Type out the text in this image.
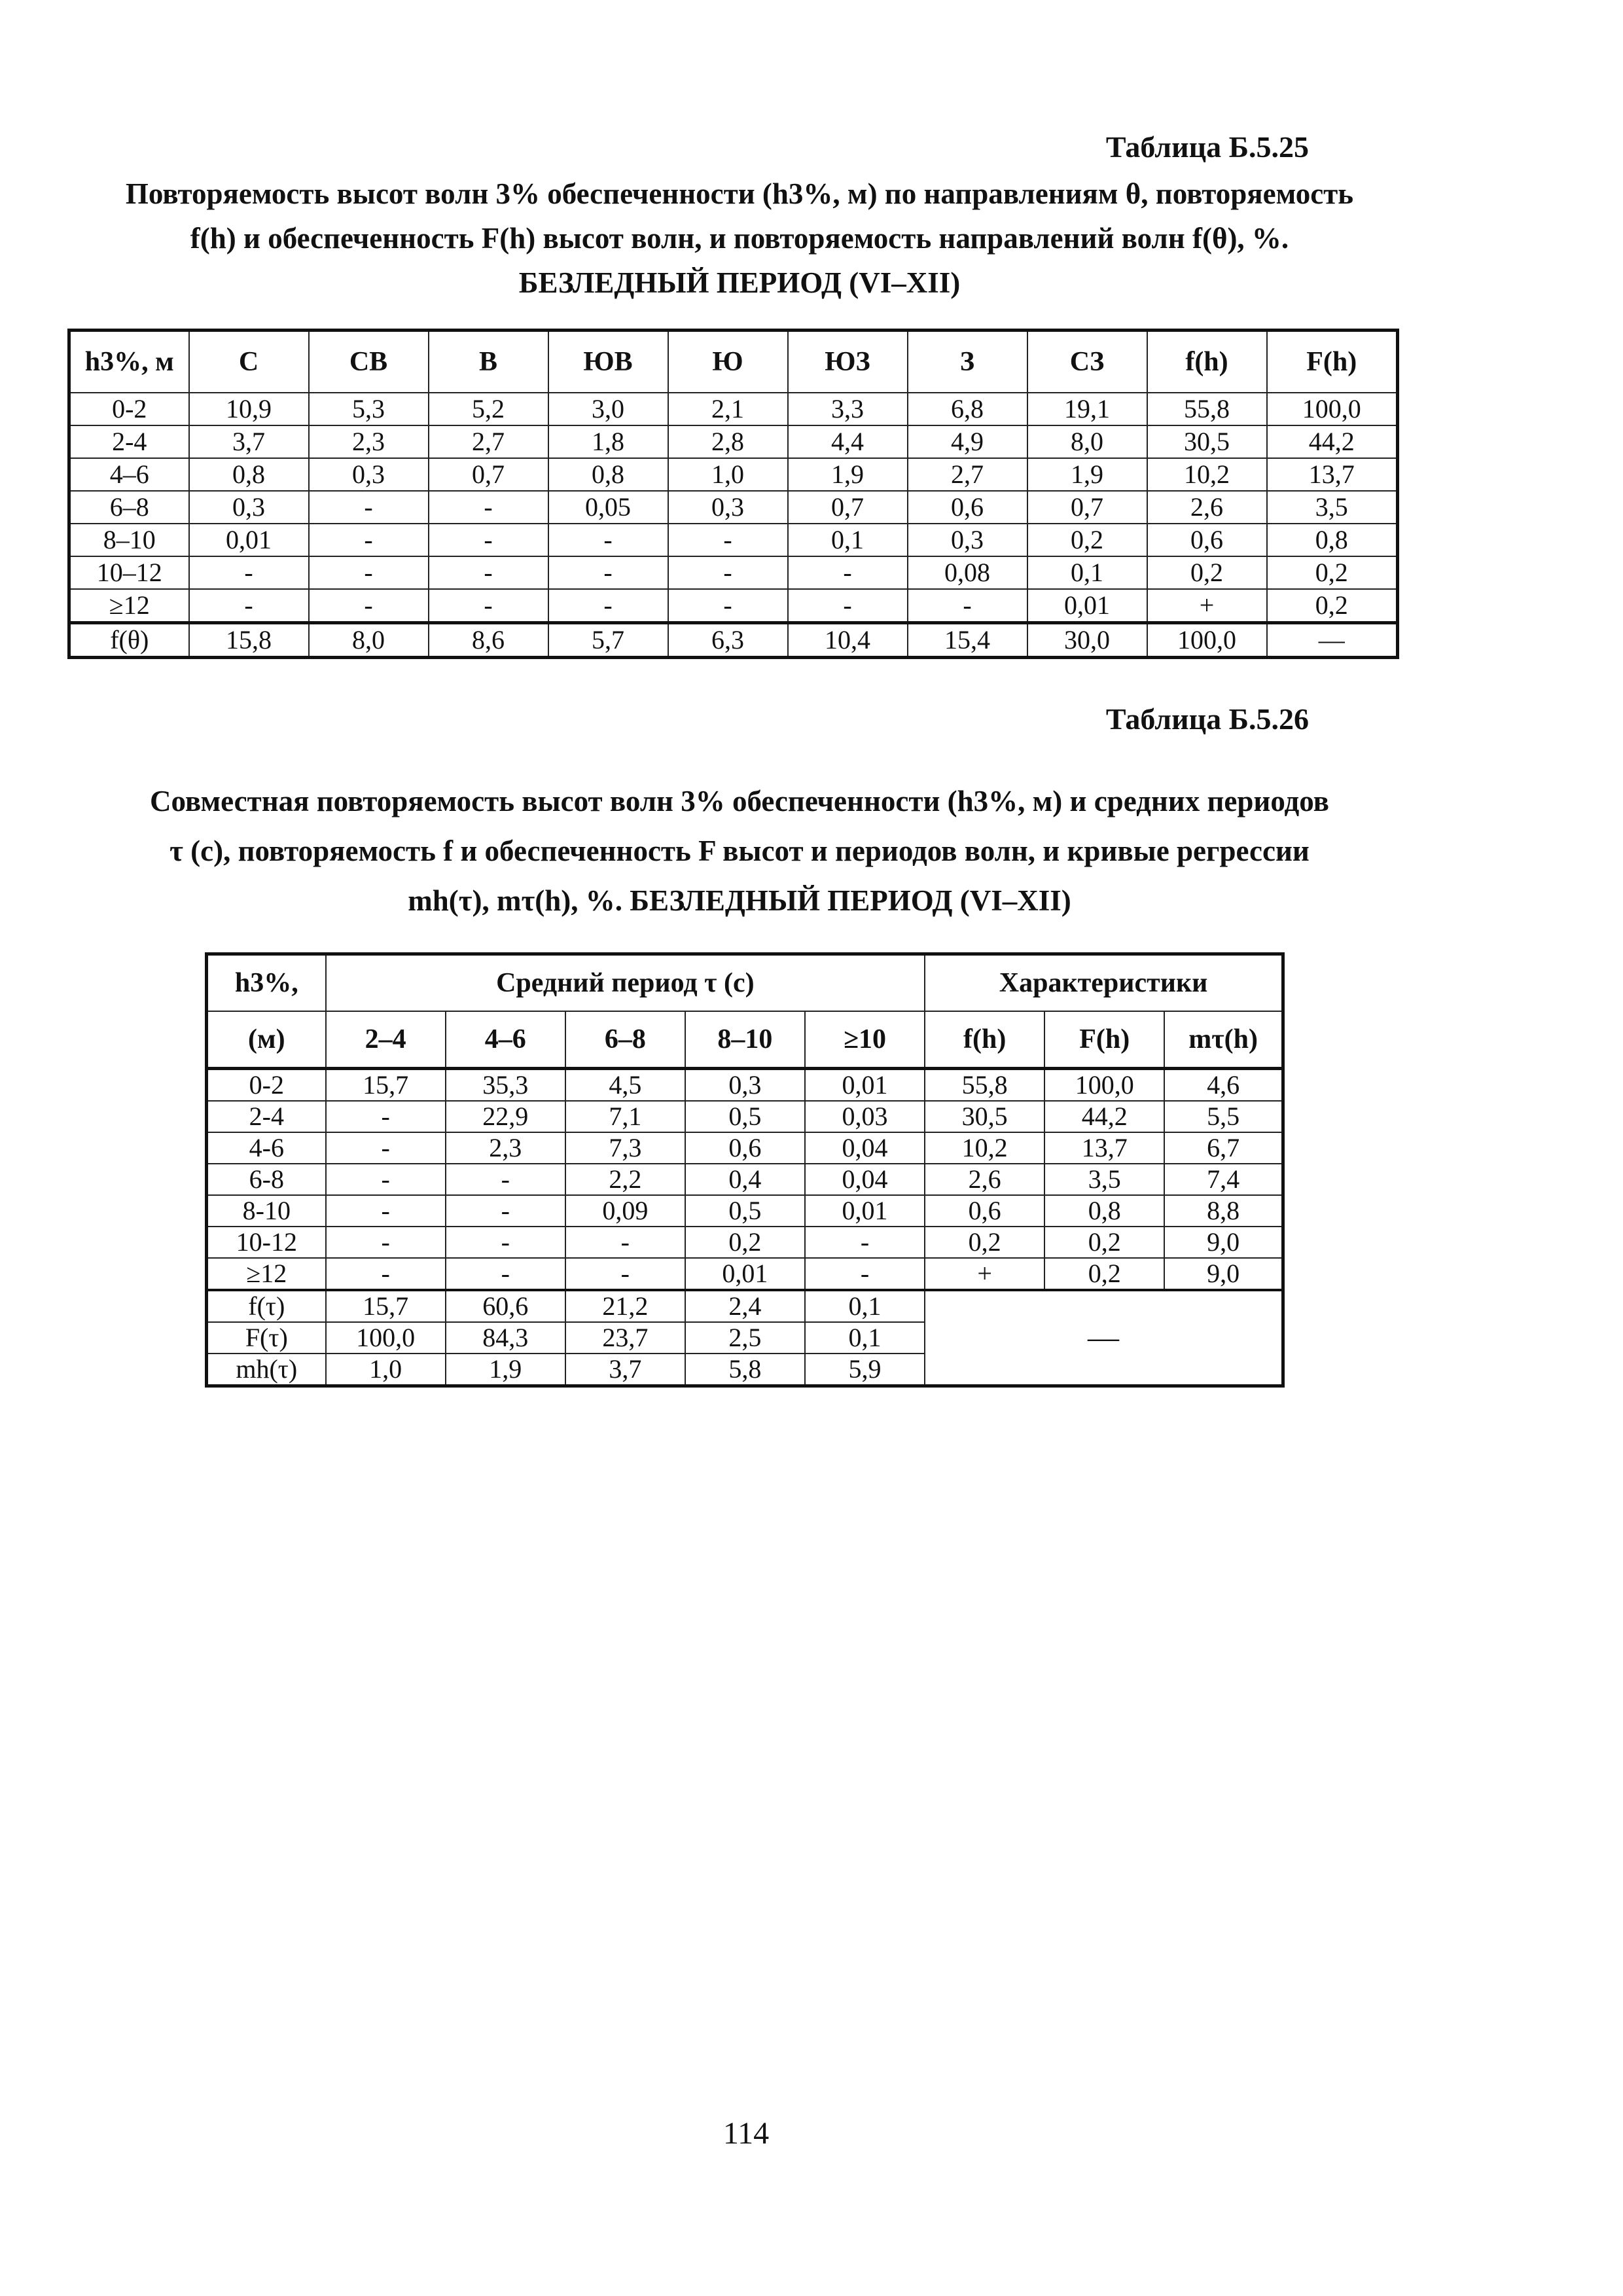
Таблица Б.5.25
Повторяемость высот волн 3% обеспеченности (h3%, м) по направлениям θ, повторяемость
f(h) и обеспеченность F(h) высот волн, и повторяемость направлений волн f(θ), %.
БЕЗЛЕДНЫЙ ПЕРИОД (VI–XII)
h3%, м	С	СВ	В	ЮВ	Ю	ЮЗ	З	СЗ	f(h)	F(h)
0-2	10,9	5,3	5,2	3,0	2,1	3,3	6,8	19,1	55,8	100,0
2-4	3,7	2,3	2,7	1,8	2,8	4,4	4,9	8,0	30,5	44,2
4–6	0,8	0,3	0,7	0,8	1,0	1,9	2,7	1,9	10,2	13,7
6–8	0,3	-	-	0,05	0,3	0,7	0,6	0,7	2,6	3,5
8–10	0,01	-	-	-	-	0,1	0,3	0,2	0,6	0,8
10–12	-	-	-	-	-	-	0,08	0,1	0,2	0,2
≥12	-	-	-	-	-	-	-	0,01	+	0,2
f(θ)	15,8	8,0	8,6	5,7	6,3	10,4	15,4	30,0	100,0	—
Таблица Б.5.26
Совместная повторяемость высот волн 3% обеспеченности (h3%, м) и средних периодов
τ (с), повторяемость f и обеспеченность F высот и периодов волн, и кривые регрессии
mh(τ), mτ(h), %. БЕЗЛЕДНЫЙ ПЕРИОД (VI–XII)
h3%,	Средний период τ (с)					Характеристики		
(м)	2–4	4–6	6–8	8–10	≥10	f(h)	F(h)	mτ(h)
0-2	15,7	35,3	4,5	0,3	0,01	55,8	100,0	4,6
2-4	-	22,9	7,1	0,5	0,03	30,5	44,2	5,5
4-6	-	2,3	7,3	0,6	0,04	10,2	13,7	6,7
6-8	-	-	2,2	0,4	0,04	2,6	3,5	7,4
8-10	-	-	0,09	0,5	0,01	0,6	0,8	8,8
10-12	-	-	-	0,2	-	0,2	0,2	9,0
≥12	-	-	-	0,01	-	+	0,2	9,0
f(τ)	15,7	60,6	21,2	2,4	0,1	—		
F(τ)	100,0	84,3	23,7	2,5	0,1			
mh(τ)	1,0	1,9	3,7	5,8	5,9			
114
